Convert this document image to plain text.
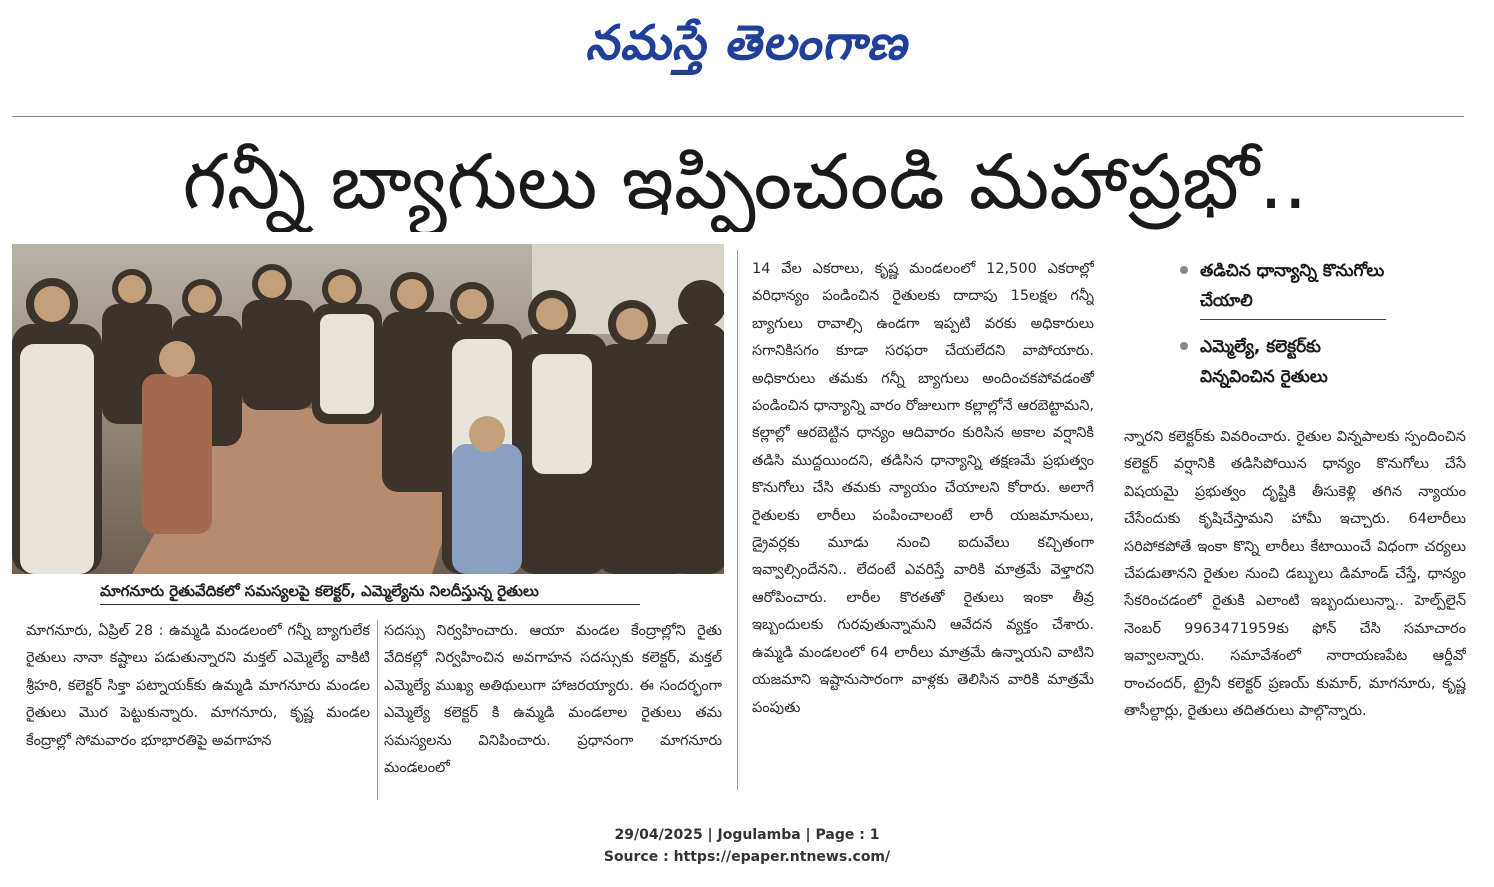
నమస్తే తెలంగాణ
గన్నీ బ్యాగులు ఇప్పించండి మహాప్రభో..
మాగనూరు రైతువేదికలో సమస్యలపై కలెక్టర్, ఎమ్మెల్యేను నిలదీస్తున్న రైతులు
మాగనూరు, ఏప్రిల్ 28 : ఉమ్మడి మండలంలో గన్నీ బ్యాగులేక రైతులు నానా కష్టాలు పడుతున్నారని మక్తల్ ఎమ్మెల్యే వాకిటి శ్రీహరి, కలెక్టర్ సిక్తా పట్నాయక్‌కు ఉమ్మడి మాగనూరు మండల రైతులు మొర పెట్టుకున్నారు. మాగనూరు, కృష్ణ మండల కేంద్రాల్లో సోమవారం భూభారతిపై అవగాహన
సదస్సు నిర్వహించారు. ఆయా మండల కేంద్రాల్లోని రైతు వేదికల్లో నిర్వహించిన అవగాహన సదస్సుకు కలెక్టర్, మక్తల్ ఎమ్మెల్యే ముఖ్య అతిథులుగా హాజరయ్యారు. ఈ సందర్భంగా ఎమ్మెల్యే కలెక్టర్ కి ఉమ్మడి మండలాల రైతులు తమ సమస్యలను వినిపించారు. ప్రధానంగా మాగనూరు మండలంలో
14 వేల ఎకరాలు, కృష్ణ మండలంలో 12,500 ఎకరాల్లో వరిధాన్యం పండించిన రైతులకు దాదాపు 15లక్షల గన్నీ బ్యాగులు రావాల్సి ఉండగా ఇప్పటి వరకు అధికారులు సగానికిసగం కూడా సరఫరా చేయలేదని వాపోయారు. అధికారులు తమకు గన్నీ బ్యాగులు అందించకపోవడంతో పండించిన ధాన్యాన్ని వారం రోజులుగా కల్లాల్లోనే ఆరబెట్టామని, కల్లాల్లో ఆరబెట్టిన ధాన్యం ఆదివారం కురిసిన అకాల వర్షానికి తడిసి ముద్దయిందని, తడిసిన ధాన్యాన్ని తక్షణమే ప్రభుత్వం కొనుగోలు చేసి తమకు న్యాయం చేయాలని కోరారు. అలాగే రైతులకు లారీలు పంపించాలంటే లారీ యజమానులు, డ్రైవర్లకు మూడు నుంచి ఐదువేలు కచ్చితంగా ఇవ్వాల్సిందేనని.. లేదంటే ఎవరిస్తే వారికి మాత్రమే వెళ్తారని ఆరోపించారు. లారీల కొరతతో రైతులు ఇంకా తీవ్ర ఇబ్బందులకు గురవుతున్నామని ఆవేదన వ్యక్తం చేశారు. ఉమ్మడి మండలంలో 64 లారీలు మాత్రమే ఉన్నాయని వాటిని యజమాని ఇష్టానుసారంగా వాళ్లకు తెలిసిన వారికి మాత్రమే పంపుతు
తడిచిన ధాన్యాన్ని కొనుగోలు చేయాలి
ఎమ్మెల్యే, కలెక్టర్‌కు విన్నవించిన రైతులు
న్నారని కలెక్టర్‌కు వివరించారు. రైతుల విన్నపాలకు స్పందించిన కలెక్టర్ వర్షానికి తడిసిపోయిన ధాన్యం కొనుగోలు చేసే విషయమై ప్రభుత్వం దృష్టికి తీసుకెళ్లి తగిన న్యాయం చేసేందుకు కృషిచేస్తామని హామీ ఇచ్చారు. 64లారీలు సరిపోకపోతే ఇంకా కొన్ని లారీలు కేటాయించే విధంగా చర్యలు చేపడుతానని రైతుల నుంచి డబ్బులు డిమాండ్ చేస్తే, ధాన్యం సేకరించడంలో రైతుకి ఎలాంటి ఇబ్బందులున్నా.. హెల్ప్‌లైన్ నెంబర్ 9963471959కు ఫోన్ చేసి సమాచారం ఇవ్వాలన్నారు. సమావేశంలో నారాయణపేట ఆర్డీవో రాంచందర్, ట్రైనీ కలెక్టర్ ప్రణయ్ కుమార్, మాగనూరు, కృష్ణ తాసీల్దార్లు, రైతులు తదితరులు పాల్గొన్నారు.
29/04/2025 | Jogulamba | Page : 1
Source : https://epaper.ntnews.com/
